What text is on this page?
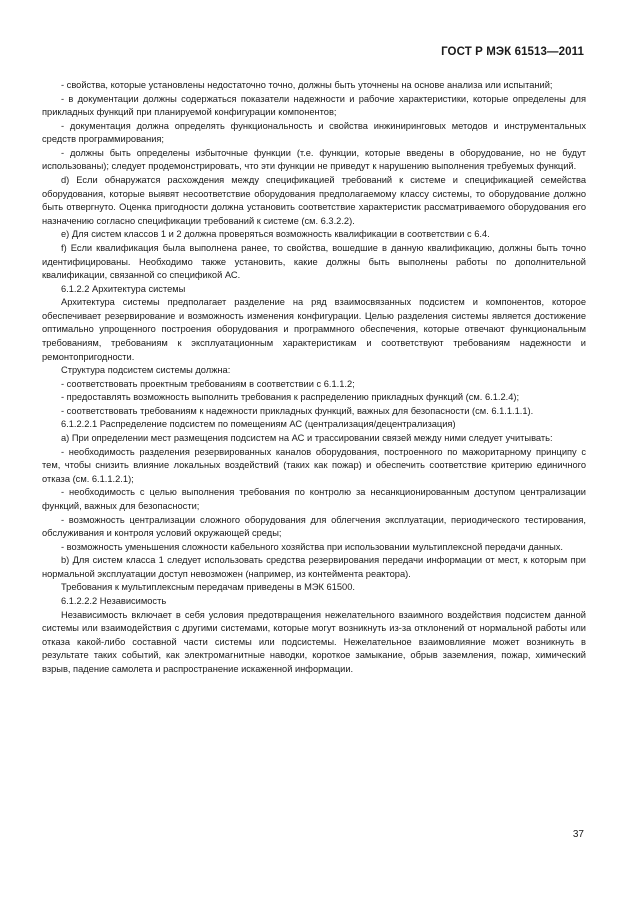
ГОСТ Р МЭК 61513—2011

- свойства, которые установлены недостаточно точно, должны быть уточнены на основе анализа или испытаний;

- в документации должны содержаться показатели надежности и рабочие характеристики, которые определены для прикладных функций при планируемой конфигурации компонентов;

- документация должна определять функциональность и свойства инжиниринговых методов и инструментальных средств программирования;

- должны быть определены избыточные функции (т.е. функции, которые введены в оборудование, но не будут использованы); следует продемонстрировать, что эти функции не приведут к нарушению выполнения требуемых функций.

d) Если обнаружатся расхождения между спецификацией требований к системе и спецификацией семейства оборудования, которые выявят несоответствие оборудования предполагаемому классу системы, то оборудование должно быть отвергнуто. Оценка пригодности должна установить соответствие характеристик рассматриваемого оборудования его назначению согласно спецификации требований к системе (см. 6.3.2.2).

e) Для систем классов 1 и 2 должна проверяться возможность квалификации в соответствии с 6.4.

f) Если квалификация была выполнена ранее, то свойства, вошедшие в данную квалификацию, должны быть точно идентифицированы. Необходимо также установить, какие должны быть выполнены работы по дополнительной квалификации, связанной со спецификой АС.

6.1.2.2 Архитектура системы

Архитектура системы предполагает разделение на ряд взаимосвязанных подсистем и компонентов, которое обеспечивает резервирование и возможность изменения конфигурации. Целью разделения системы является достижение оптимально упрощенного построения оборудования и программного обеспечения, которые отвечают функциональным требованиям, требованиям к эксплуатационным характеристикам и соответствуют требованиям надежности и ремонтопригодности.

Структура подсистем системы должна:

- соответствовать проектным требованиям в соответствии с 6.1.1.2;

- предоставлять возможность выполнить требования к распределению прикладных функций (см. 6.1.2.4);

- соответствовать требованиям к надежности прикладных функций, важных для безопасности (см. 6.1.1.1.1).

6.1.2.2.1 Распределение подсистем по помещениям АС (централизация/децентрализация)

а) При определении мест размещения подсистем на АС и трассировании связей между ними следует учитывать:

- необходимость разделения резервированных каналов оборудования, построенного по мажоритарному принципу с тем, чтобы снизить влияние локальных воздействий (таких как пожар) и обеспечить соответствие критерию единичного отказа (см. 6.1.1.2.1);

- необходимость с целью выполнения требования по контролю за несанкционированным доступом централизации функций, важных для безопасности;

- возможность централизации сложного оборудования для облегчения эксплуатации, периодического тестирования, обслуживания и контроля условий окружающей среды;

- возможность уменьшения сложности кабельного хозяйства при использовании мультиплексной передачи данных.

b) Для систем класса 1 следует использовать средства резервирования передачи информации от мест, к которым при нормальной эксплуатации доступ невозможен (например, из контеймента реактора).

Требования к мультиплексным передачам приведены в МЭК 61500.

6.1.2.2.2 Независимость

Независимость включает в себя условия предотвращения нежелательного взаимного воздействия подсистем данной системы или взаимодействия с другими системами, которые могут возникнуть из-за отклонений от нормальной работы или отказа какой-либо составной части системы или подсистемы. Нежелательное взаимовлияние может возникнуть в результате таких событий, как электромагнитные наводки, короткое замыкание, обрыв заземления, пожар, химический взрыв, падение самолета и распространение искаженной информации.

37
